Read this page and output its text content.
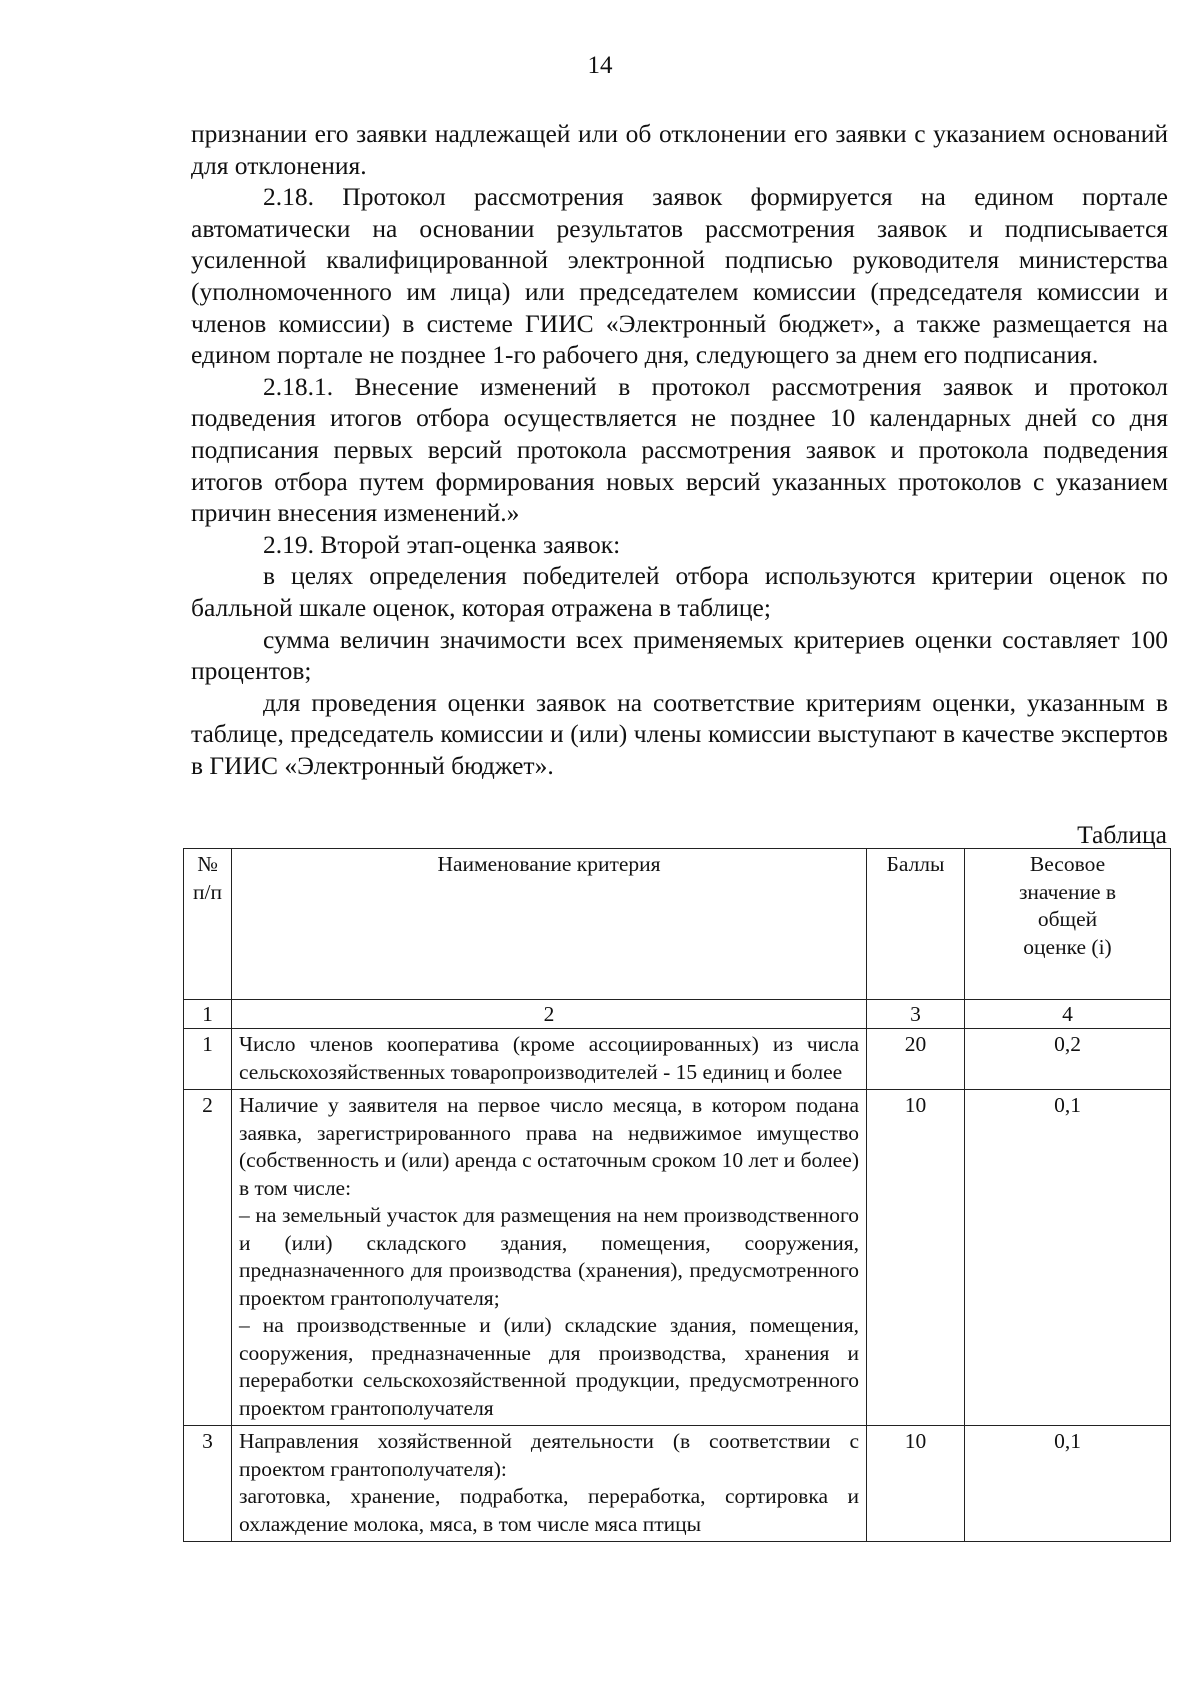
14

признании его заявки надлежащей или об отклонении его заявки с указанием оснований для отклонения.

2.18. Протокол рассмотрения заявок формируется на едином портале автоматически на основании результатов рассмотрения заявок и подписывается усиленной квалифицированной электронной подписью руководителя министерства (уполномоченного им лица) или председателем комиссии (председателя комиссии и членов комиссии) в системе ГИИС «Электронный бюджет», а также размещается на едином портале не позднее 1-го рабочего дня, следующего за днем его подписания.

2.18.1. Внесение изменений в протокол рассмотрения заявок и протокол подведения итогов отбора осуществляется не позднее 10 календарных дней со дня подписания первых версий протокола рассмотрения заявок и протокола подведения итогов отбора путем формирования новых версий указанных протоколов с указанием причин внесения изменений.»

2.19. Второй этап-оценка заявок:

в целях определения победителей отбора используются критерии оценок по балльной шкале оценок, которая отражена в таблице;

сумма величин значимости всех применяемых критериев оценки составляет 100 процентов;

для проведения оценки заявок на соответствие критериям оценки, указанным в таблице, председатель комиссии и (или) члены комиссии выступают в качестве экспертов в ГИИС «Электронный бюджет».

Таблица
№ п/п	Наименование критерия	Баллы	Весовое значение в общей оценке (i)
1	2	3	4
1	Число членов кооператива (кроме ассоциированных) из числа сельскохозяйственных товаропроизводителей - 15 единиц и более	20	0,2
2	Наличие у заявителя на первое число месяца, в котором подана заявка, зарегистрированного права на недвижимое имущество (собственность и (или) аренда с остаточным сроком 10 лет и более) в том числе:
– на земельный участок для размещения на нем производственного и (или) складского здания, помещения, сооружения, предназначенного для производства (хранения), предусмотренного проектом грантополучателя;
– на производственные и (или) складские здания, помещения, сооружения, предназначенные для производства, хранения и переработки сельскохозяйственной продукции, предусмотренного проектом грантополучателя	10	0,1
3	Направления хозяйственной деятельности (в соответствии с проектом грантополучателя):
заготовка, хранение, подработка, переработка, сортировка и охлаждение молока, мяса, в том числе мяса птицы	10	0,1
